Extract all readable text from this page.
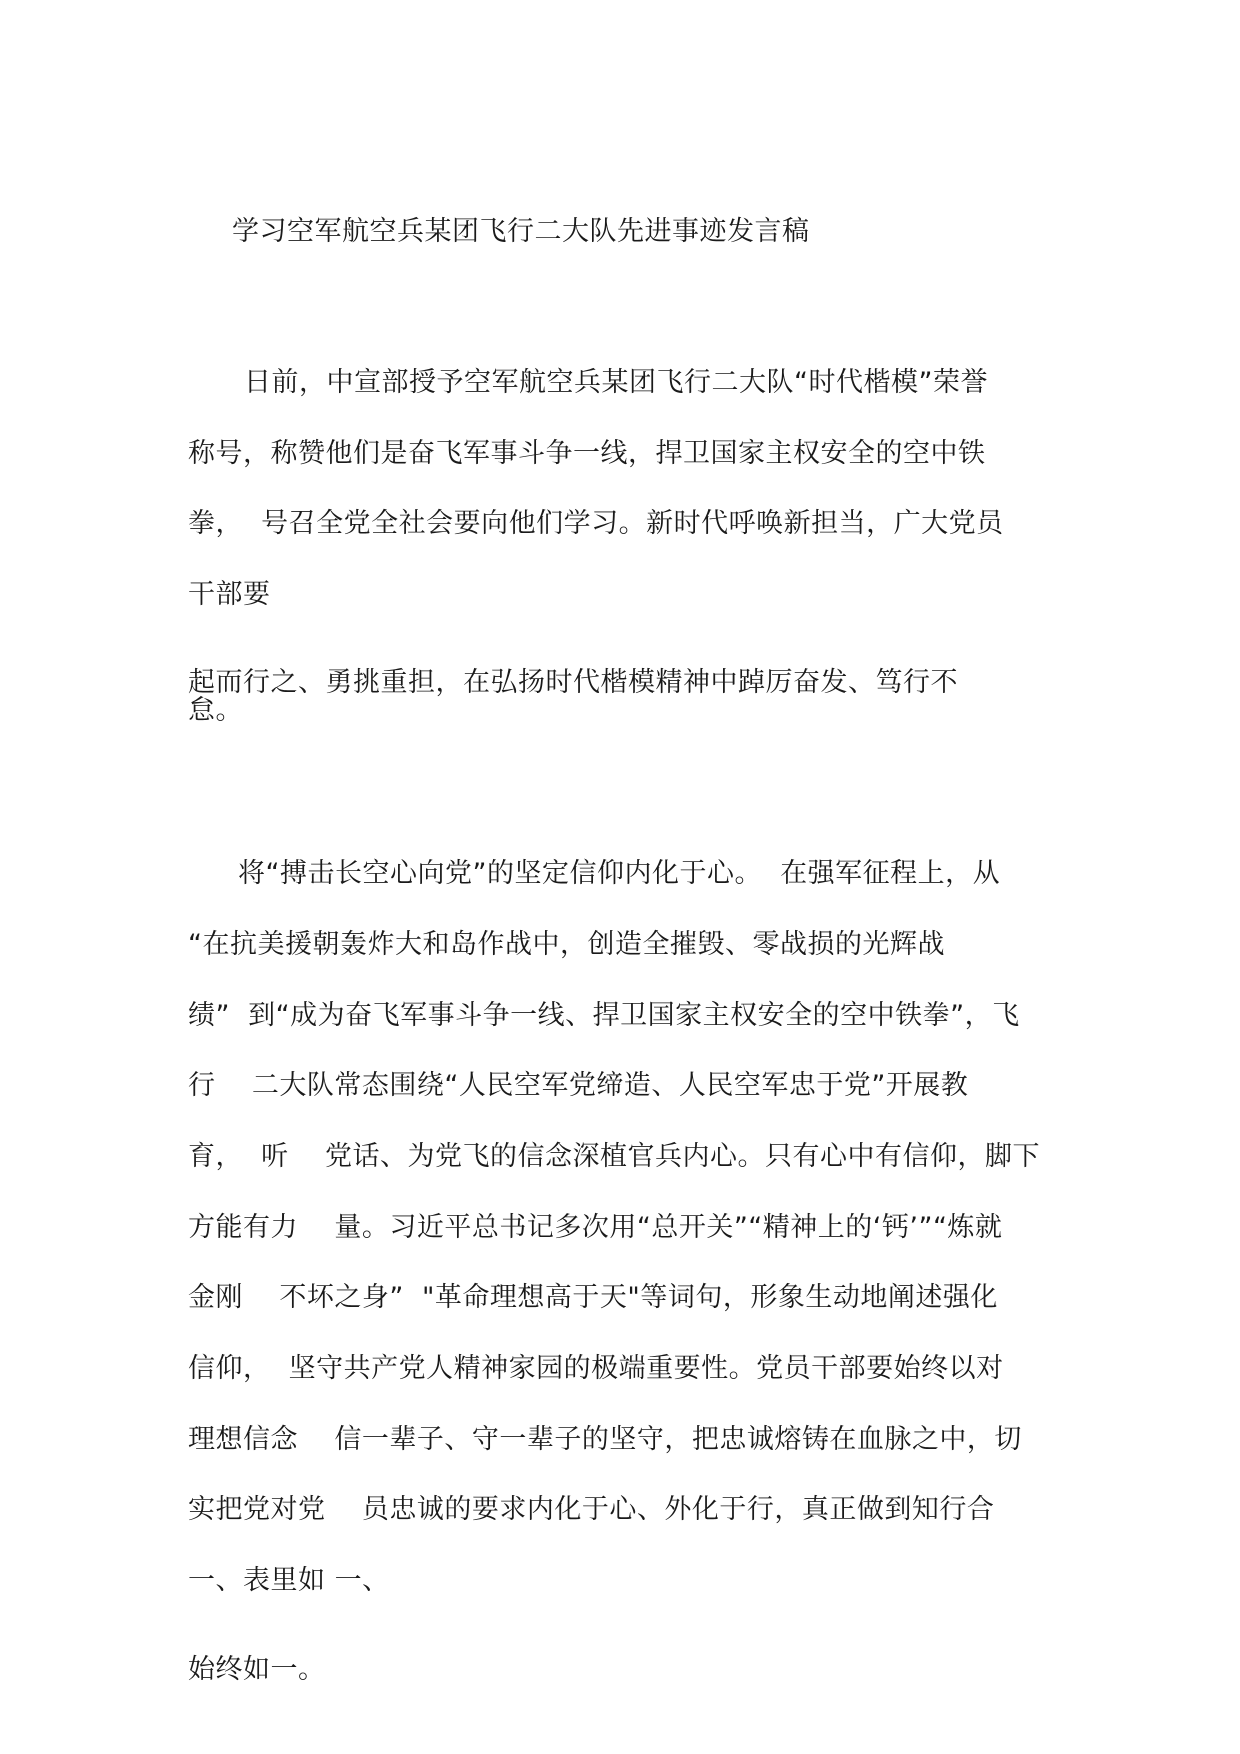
学习空军航空兵某团飞行二大队先进事迹发言稿
日前，中宣部授予空军航空兵某团飞行二大队“时代楷模”荣誉
称号，称赞他们是奋飞军事斗争一线，捍卫国家主权安全的空中铁
拳，  号召全党全社会要向他们学习。新时代呼唤新担当，广大党员
干部要
起而行之、勇挑重担，在弘扬时代楷模精神中踔厉奋发、笃行不
怠。
将“搏击长空心向党”的坚定信仰内化于心。  在强军征程上，从
“在抗美援朝轰炸大和岛作战中，创造全摧毁、零战损的光辉战
绩”  到“成为奋飞军事斗争一线、捍卫国家主权安全的空中铁拳”，飞
行    二大队常态围绕“人民空军党缔造、人民空军忠于党”开展教
育，  听    党话、为党飞的信念深植官兵内心。只有心中有信仰，脚下
方能有力    量。习近平总书记多次用“总开关”“精神上的‘钙’”“炼就
金刚    不坏之身”  "革命理想高于天"等词句，形象生动地阐述强化
信仰，  坚守共产党人精神家园的极端重要性。党员干部要始终以对
理想信念    信一辈子、守一辈子的坚守，把忠诚熔铸在血脉之中，切
实把党对党    员忠诚的要求内化于心、外化于行，真正做到知行合
一、表里如 一、
始终如一。
